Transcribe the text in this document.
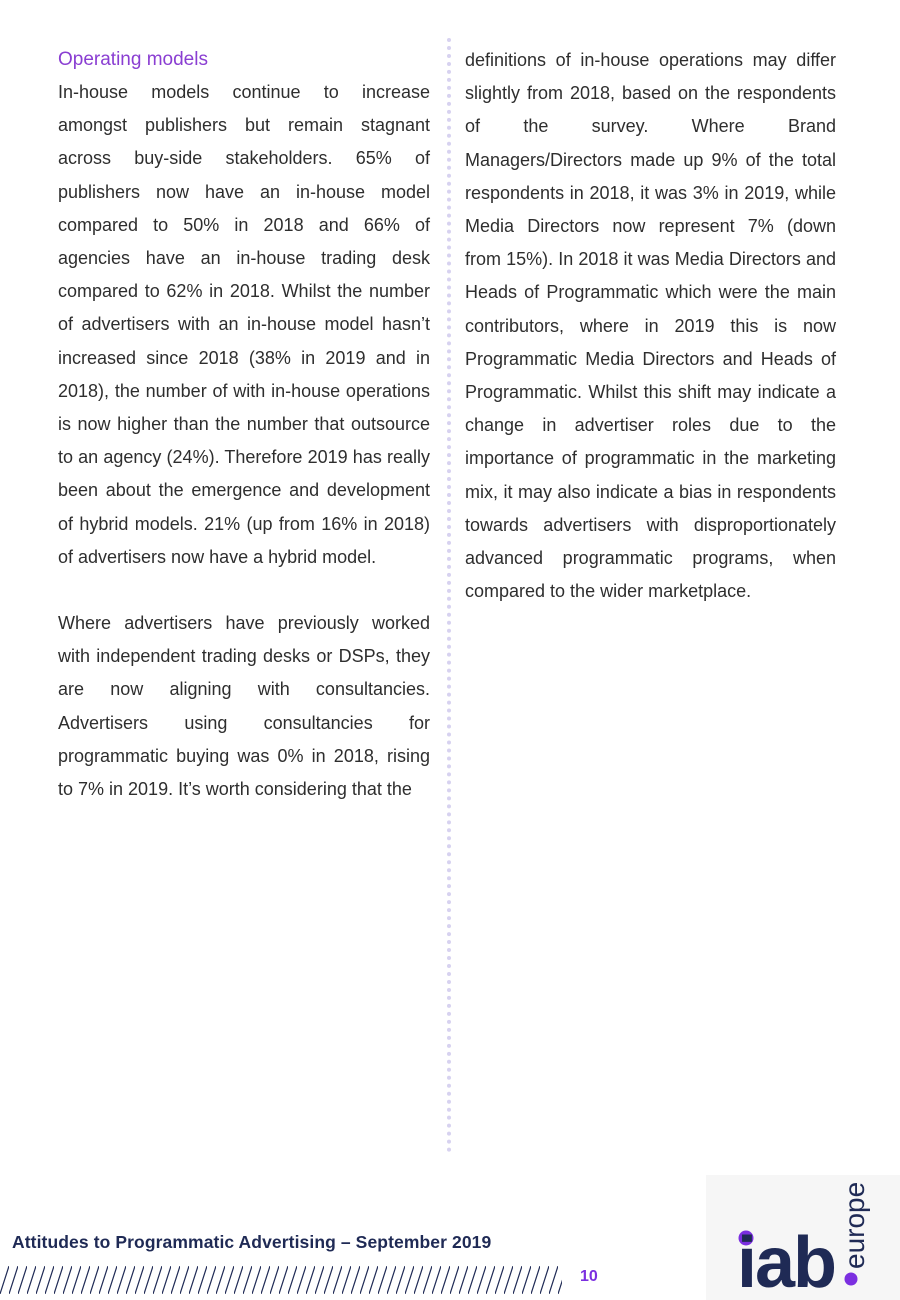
Operating models

In-house models continue to increase amongst publishers but remain stagnant across buy-side stakeholders. 65% of publishers now have an in-house model compared to 50% in 2018 and 66% of agencies have an in-house trading desk compared to 62% in 2018. Whilst the number of advertisers with an in-house model hasn’t increased since 2018 (38% in 2019 and in 2018), the number of with in-house operations is now higher than the number that outsource to an agency (24%). Therefore 2019 has really been about the emergence and development of hybrid models. 21% (up from 16% in 2018) of advertisers now have a hybrid model.

Where advertisers have previously worked with independent trading desks or DSPs, they are now aligning with consultancies. Advertisers using consultancies for programmatic buying was 0% in 2018, rising to 7% in 2019. It’s worth considering that the

definitions of in-house operations may differ slightly from 2018, based on the respondents of the survey. Where Brand Managers/Directors made up 9% of the total respondents in 2018, it was 3% in 2019, while Media Directors now represent 7% (down from 15%). In 2018 it was Media Directors and Heads of Programmatic which were the main contributors, where in 2019 this is now Programmatic Media Directors and Heads of Programmatic. Whilst this shift may indicate a change in advertiser roles due to the importance of programmatic in the marketing mix, it may also indicate a bias in respondents towards advertisers with disproportionately advanced programmatic programs, when compared to the wider marketplace.

Attitudes to Programmatic Advertising – September 2019
10 iab europe
